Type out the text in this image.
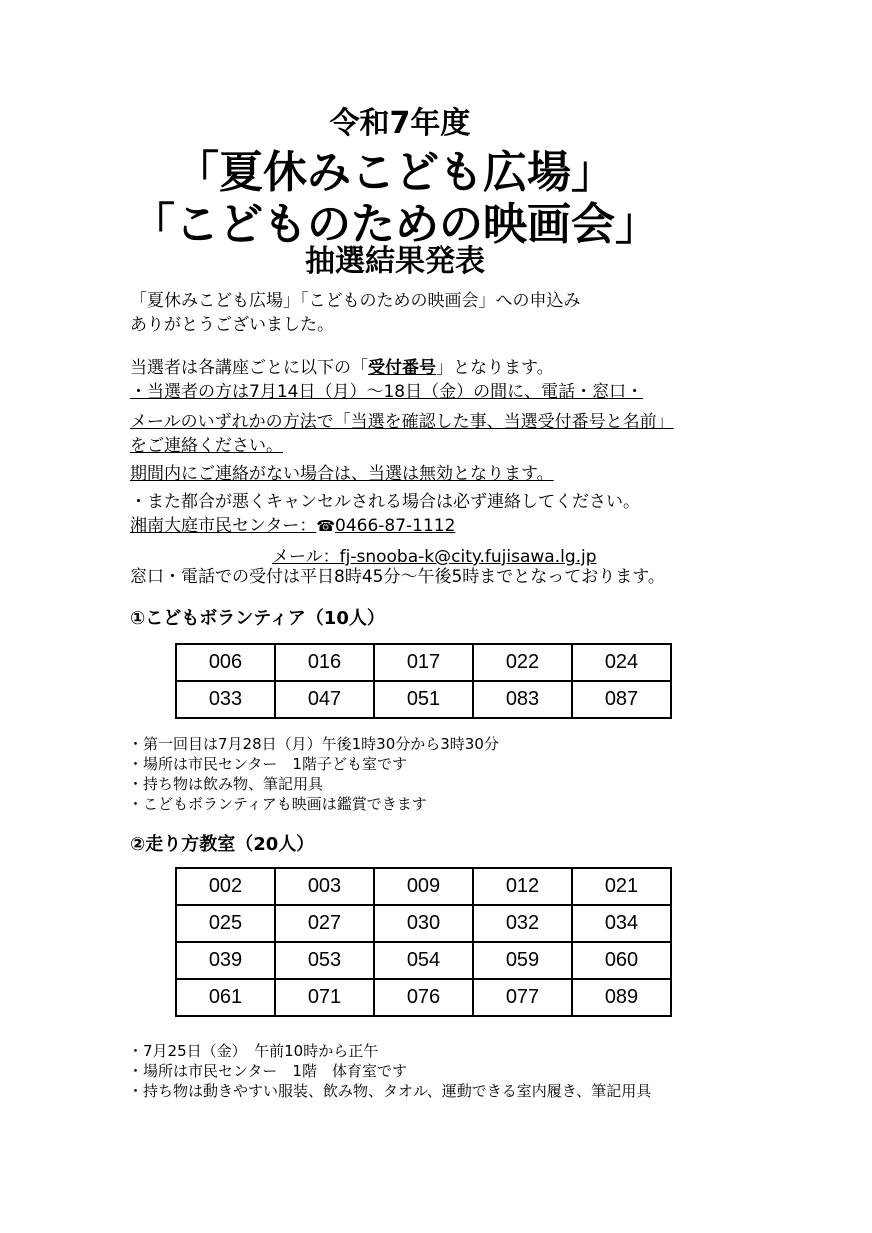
令和7年度
「夏休みこども広場」
「こどものための映画会」
抽選結果発表
「夏休みこども広場」「こどものための映画会」への申込み
ありがとうございました。
当選者は各講座ごとに以下の「受付番号」となります。
・当選者の方は7月14日（月）～18日（金）の間に、電話・窓口・
メールのいずれかの方法で「当選を確認した事、当選受付番号と名前」
をご連絡ください。
期間内にご連絡がない場合は、当選は無効となります。
・また都合が悪くキャンセルされる場合は必ず連絡してください。
湘南大庭市民センター：☎0466-87-1112
メール：fj-snooba-k@city.fujisawa.lg.jp
窓口・電話での受付は平日8時45分～午後5時までとなっております。
①こどもボランティア（10人）
006	016	017	022	024
033	047	051	083	087
・第一回目は7月28日（月）午後1時30分から3時30分
・場所は市民センター　1階子ども室です
・持ち物は飲み物、筆記用具
・こどもボランティアも映画は鑑賞できます
②走り方教室（20人）
002	003	009	012	021
025	027	030	032	034
039	053	054	059	060
061	071	076	077	089
・7月25日（金）　午前10時から正午
・場所は市民センター　1階　体育室です
・持ち物は動きやすい服装、飲み物、タオル、運動できる室内履き、筆記用具
